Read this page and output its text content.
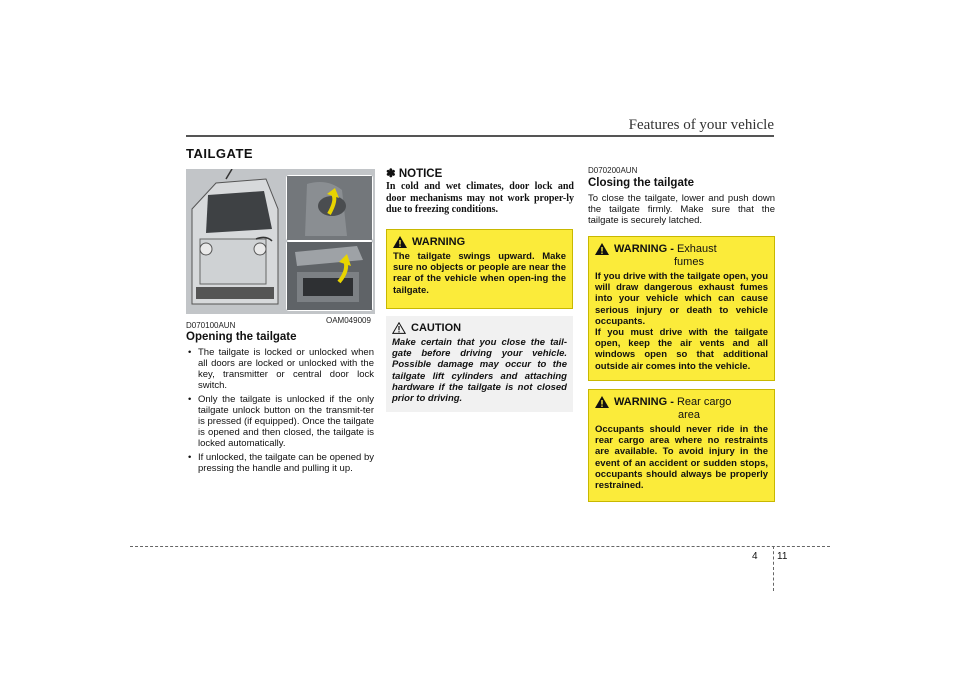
Features of your vehicle
TAILGATE
OAM049009
D070100AUN
Opening the tailgate
• The tailgate is locked or unlocked when all doors are locked or unlocked with the key, transmitter or central door lock switch.
• Only the tailgate is unlocked if the only tailgate unlock button on the transmit-ter is pressed (if equipped). Once the tailgate is opened and then closed, the tailgate is locked automatically.
• If unlocked, the tailgate can be opened by pressing the handle and pulling it up.
✽ NOTICE
In cold and wet climates, door lock and door mechanisms may not work proper-ly due to freezing conditions.
WARNING
The tailgate swings upward. Make sure no objects or people are near the rear of the vehicle when open-ing the tailgate.
CAUTION
Make certain that you close the tail-gate before driving your vehicle. Possible damage may occur to the tailgate lift cylinders and attaching hardware if the tailgate is not closed prior to driving.
D070200AUN
Closing the tailgate
To close the tailgate, lower and push down the tailgate firmly. Make sure that the tailgate is securely latched.
WARNING - Exhaust
fumes
If you drive with the tailgate open, you will draw dangerous exhaust fumes into your vehicle which can cause serious injury or death to vehicle occupants.
If you must drive with the tailgate open, keep the air vents and all windows open so that additional outside air comes into the vehicle.
WARNING - Rear cargo
area
Occupants should never ride in the rear cargo area where no restraints are available. To avoid injury in the event of an accident or sudden stops, occupants should always be properly restrained.
4 11
